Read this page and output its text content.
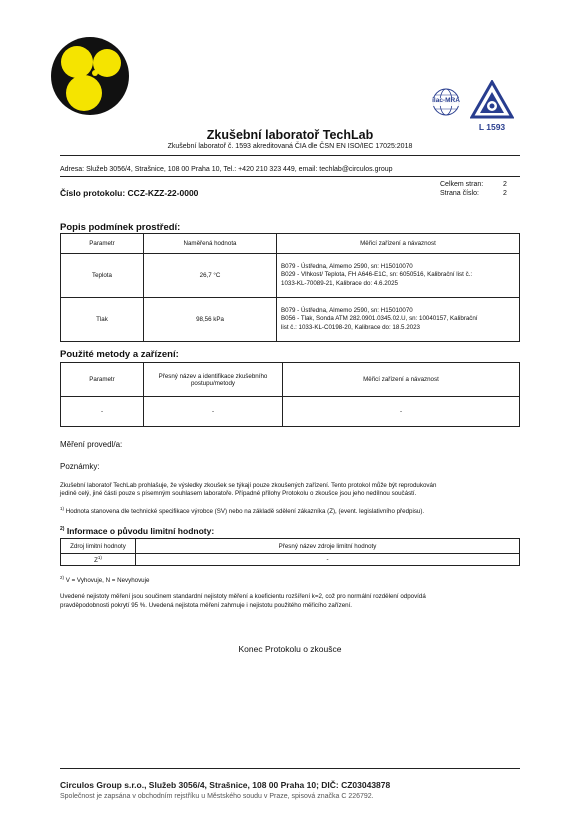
ilac-MRA
L 1593
Zkušební laboratoř TechLab
Zkušební laboratoř č. 1593 akreditovaná ČIA dle ČSN EN ISO/IEC 17025:2018
Adresa: Služeb 3056/4, Strašnice, 108 00 Praha 10, Tel.: +420 210 323 449, email: techlab@circulos.group
Číslo protokolu: CCZ-KZZ-22-0000
Celkem stran:	2
Strana číslo:	2
Popis podmínek prostředí:
Parametr	Naměřená hodnota	Měřicí zařízení a návaznost
Teplota	26,7 °C	B079 - Ústředna, Almemo 2590, sn: H15010070
B029 - Vlhkost/ Teplota, FH A646-E1C, sn: 6050516, Kalibrační list č.:
1033-KL-70089-21, Kalibrace do: 4.6.2025

Tlak	98,56 kPa	B079 - Ústředna, Almemo 2590, sn: H15010070
B056 - Tlak, Sonda ATM 282.0901.0345.02.U, sn: 10040157, Kalibrační
list č.: 1033-KL-C0198-20, Kalibrace do: 18.5.2023
Použité metody a zařízení:
Parametr	Přesný název a identifikace zkušebního postupu/metody	Měřicí zařízení a návaznost
-	-	-
Měření provedl/a:
Poznámky:
Zkušební laboratoř TechLab prohlašuje, že výsledky zkoušek se týkají pouze zkoušených zařízení. Tento protokol může být reprodukován
jedině celý, jiné části pouze s písemným souhlasem laboratoře. Případné přílohy Protokolu o zkoušce jsou jeho nedílnou součástí.
$^{1)}$ Hodnota stanovena dle technické specifikace výrobce (SV) nebo na základě sdělení zákazníka (Z), (event. legislativního předpisu).
$^{2)}$ Informace o původu limitní hodnoty:
Zdroj limitní hodnoty	Přesný název zdroje limitní hodnoty
$Z^{1)}$	-
$^{2)}$ V = Vyhovuje, N = Nevyhovuje
Uvedené nejistoty měření jsou součinem standardní nejistoty měření a koeficientu rozšíření k=2, což pro normální rozdělení odpovídá
pravděpodobnosti pokrytí 95 %. Uvedená nejistota měření zahrnuje i nejistotu použitého měřicího zařízení.
Konec Protokolu o zkoušce
Circulos Group s.r.o., Služeb 3056/4, Strašnice, 108 00 Praha 10; DIČ: CZ03043878
Společnost je zapsána v obchodním rejstříku u Městského soudu v Praze, spisová značka C 226792.
